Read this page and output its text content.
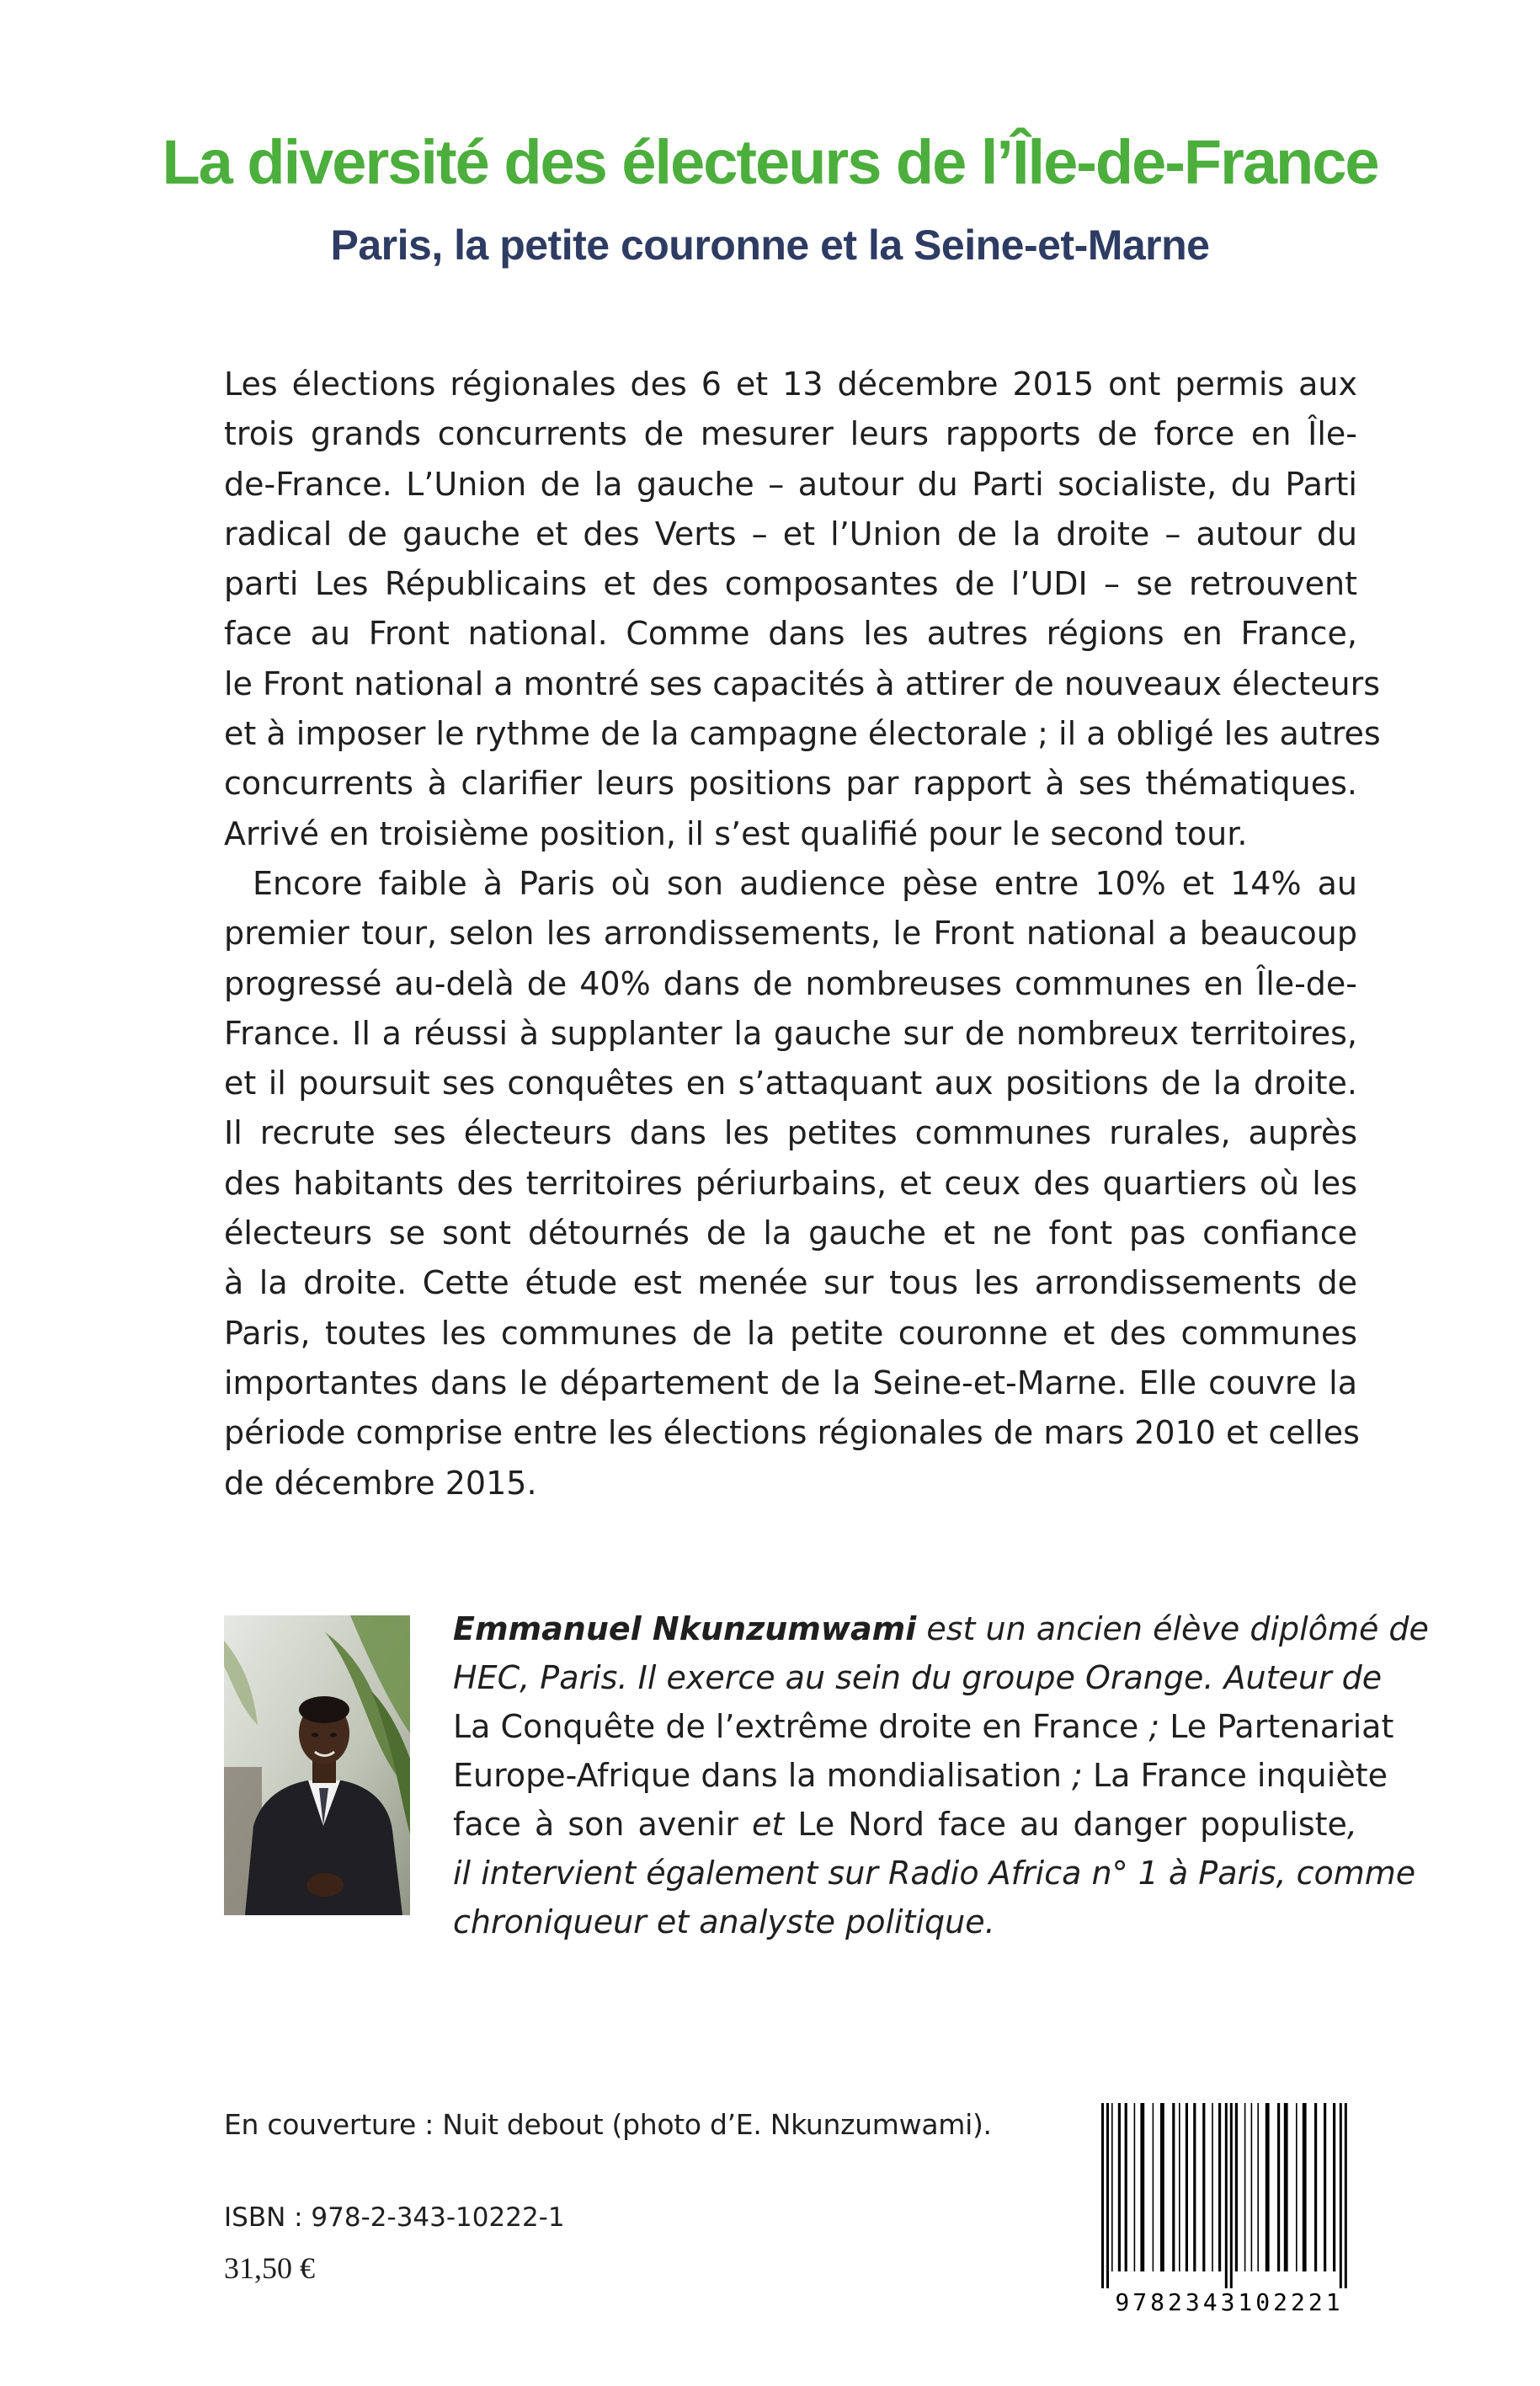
La diversité des électeurs de l’Île-de-France
Paris, la petite couronne et la Seine-et-Marne
Les élections régionales des 6 et 13 décembre 2015 ont permis aux
trois grands concurrents de mesurer leurs rapports de force en Île-
de-France. L’Union de la gauche – autour du Parti socialiste, du Parti
radical de gauche et des Verts – et l’Union de la droite – autour du
parti Les Républicains et des composantes de l’UDI – se retrouvent
face au Front national. Comme dans les autres régions en France,
le Front national a montré ses capacités à attirer de nouveaux électeurs
et à imposer le rythme de la campagne électorale ; il a obligé les autres
concurrents à clarifier leurs positions par rapport à ses thématiques.
Arrivé en troisième position, il s’est qualifié pour le second tour.
Encore faible à Paris où son audience pèse entre 10% et 14% au
premier tour, selon les arrondissements, le Front national a beaucoup
progressé au-delà de 40% dans de nombreuses communes en Île-de-
France. Il a réussi à supplanter la gauche sur de nombreux territoires,
et il poursuit ses conquêtes en s’attaquant aux positions de la droite.
Il recrute ses électeurs dans les petites communes rurales, auprès
des habitants des territoires périurbains, et ceux des quartiers où les
électeurs se sont détournés de la gauche et ne font pas confiance
à la droite. Cette étude est menée sur tous les arrondissements de
Paris, toutes les communes de la petite couronne et des communes
importantes dans le département de la Seine-et-Marne. Elle couvre la
période comprise entre les élections régionales de mars 2010 et celles
de décembre 2015.
Emmanuel Nkunzumwami est un ancien élève diplômé de
HEC, Paris. Il exerce au sein du groupe Orange. Auteur de
La Conquête de l’extrême droite en France ; Le Partenariat
Europe-Afrique dans la mondialisation ; La France inquiète
face à son avenir et Le Nord face au danger populiste,
il intervient également sur Radio Africa n° 1 à Paris, comme
chroniqueur et analyste politique.
En couverture : Nuit debout (photo d’E. Nkunzumwami).
ISBN : 978-2-343-10222-1
31,50 €
9782343102221
